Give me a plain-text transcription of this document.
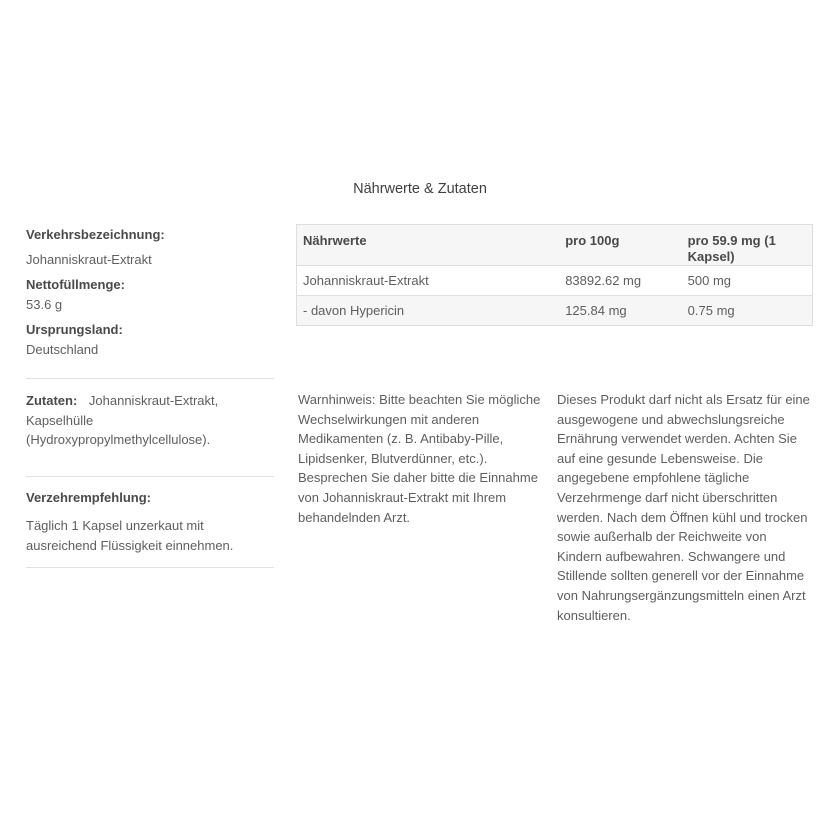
Nährwerte & Zutaten
Verkehrsbezeichnung:
Johanniskraut-Extrakt
Nettofüllmenge:
53.6 g
Ursprungsland:
Deutschland
Zutaten: Johanniskraut-Extrakt, Kapselhülle (Hydroxypropylmethylcellulose).
Verzehrempfehlung:
Täglich 1 Kapsel unzerkaut mit ausreichend Flüssigkeit einnehmen.
Nährwerte	pro 100g	pro 59.9 mg (1 Kapsel)
Johanniskraut-Extrakt	83892.62 mg	500 mg
- davon Hypericin	125.84 mg	0.75 mg
Warnhinweis: Bitte beachten Sie mögliche Wechselwirkungen mit anderen Medikamenten (z. B. Antibaby-Pille, Lipidsenker, Blutverdünner, etc.). Besprechen Sie daher bitte die Einnahme von Johanniskraut-Extrakt mit Ihrem behandelnden Arzt.
Dieses Produkt darf nicht als Ersatz für eine ausgewogene und abwechslungsreiche Ernährung verwendet werden. Achten Sie auf eine gesunde Lebensweise. Die angegebene empfohlene tägliche Verzehrmenge darf nicht überschritten werden. Nach dem Öffnen kühl und trocken sowie außerhalb der Reichweite von Kindern aufbewahren. Schwangere und Stillende sollten generell vor der Einnahme von Nahrungsergänzungsmitteln einen Arzt konsultieren.
